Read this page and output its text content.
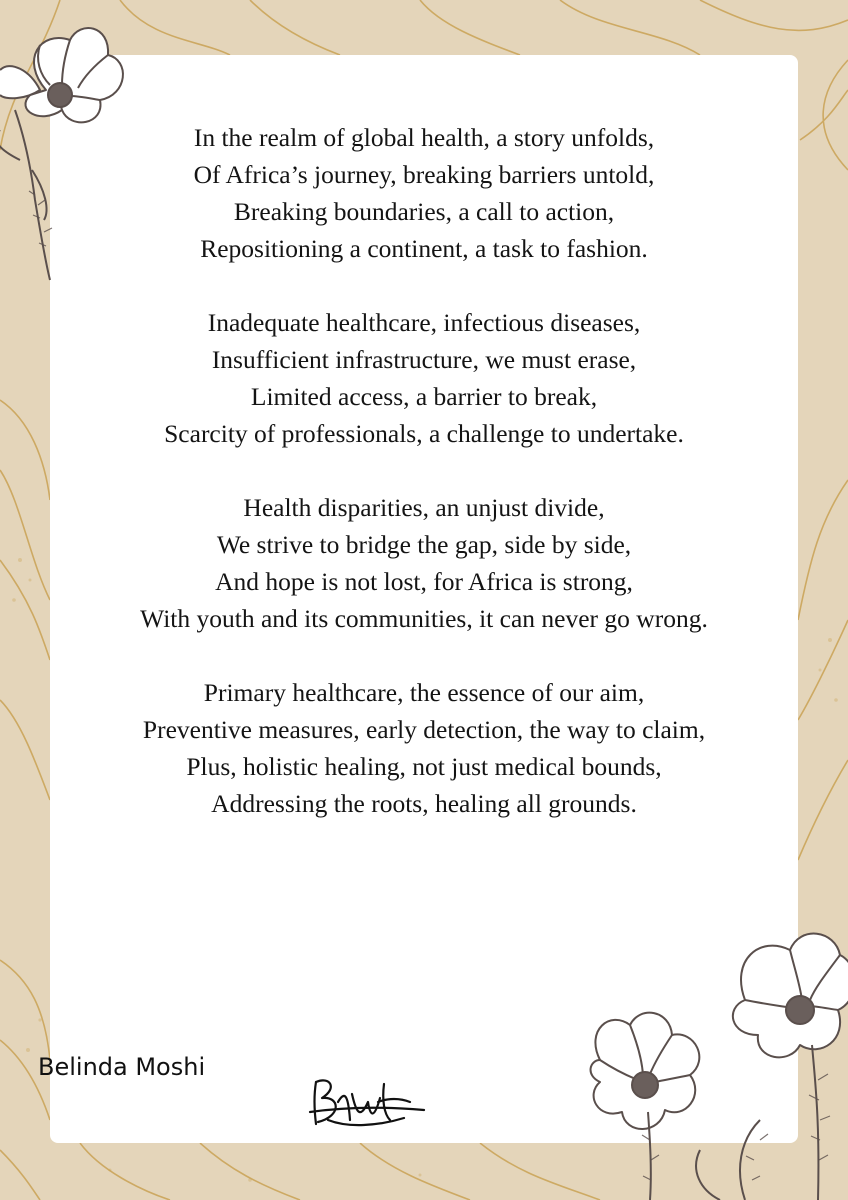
In the realm of global health, a story unfolds,
Of Africa’s journey, breaking barriers untold,
Breaking boundaries, a call to action,
Repositioning a continent, a task to fashion.
Inadequate healthcare, infectious diseases,
Insufficient infrastructure, we must erase,
Limited access, a barrier to break,
Scarcity of professionals, a challenge to undertake.
Health disparities, an unjust divide,
We strive to bridge the gap, side by side,
And hope is not lost, for Africa is strong,
With youth and its communities, it can never go wrong.
Primary healthcare, the essence of our aim,
Preventive measures, early detection, the way to claim,
Plus, holistic healing, not just medical bounds,
Addressing the roots, healing all grounds.
Belinda Moshi
